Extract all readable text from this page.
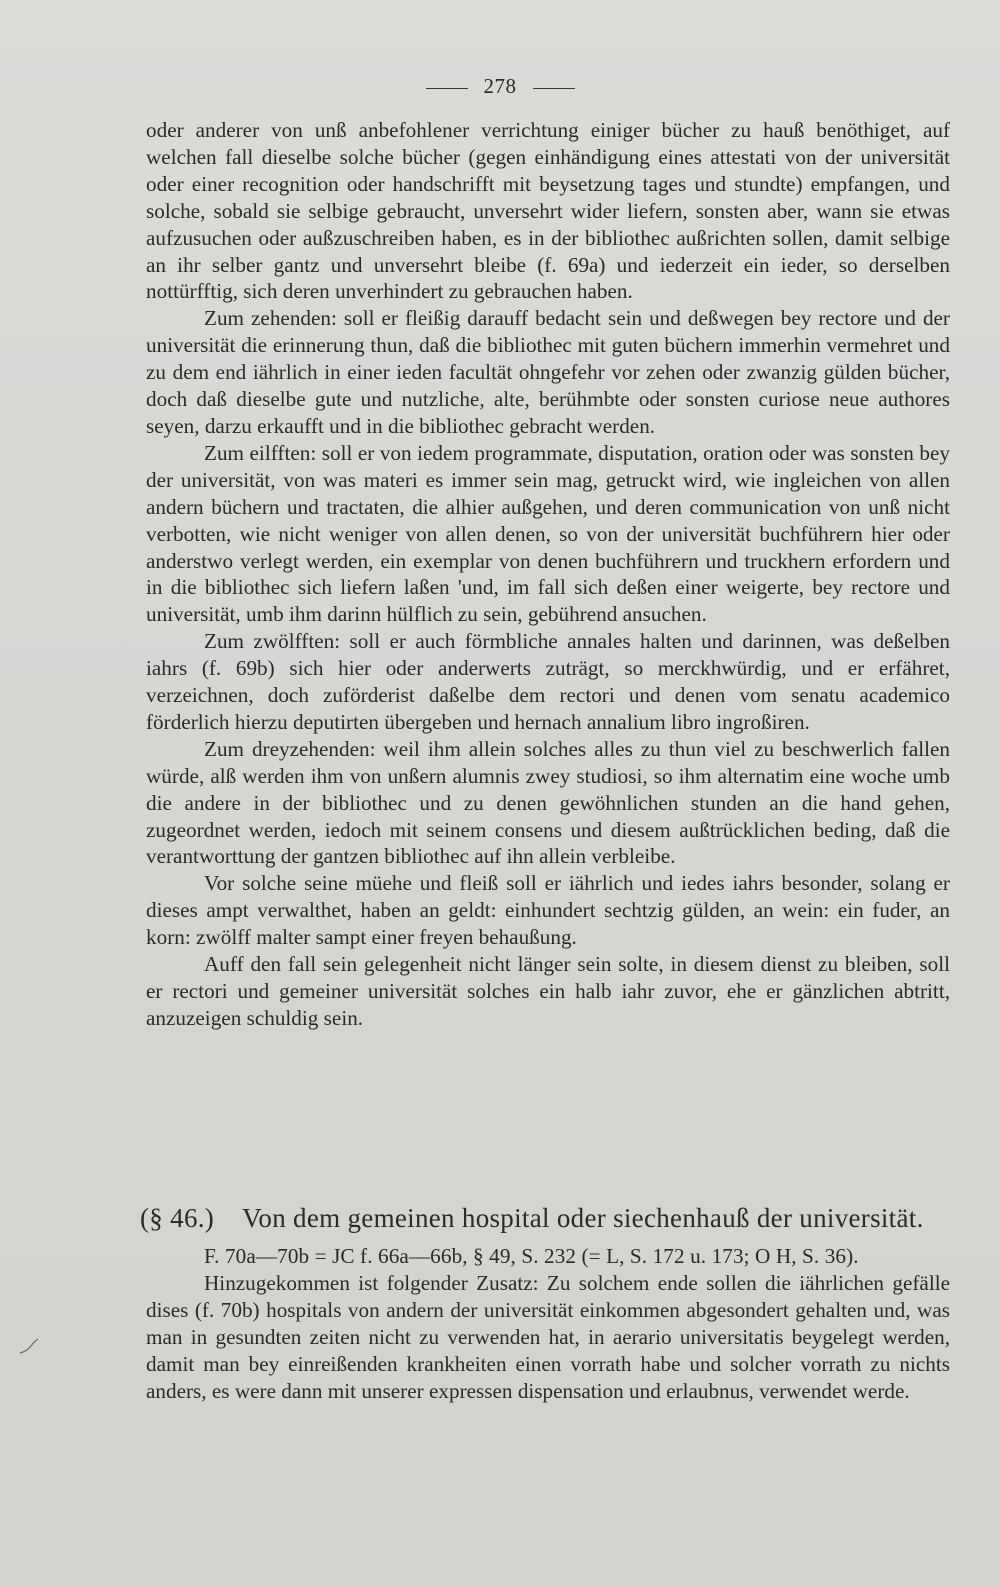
278

oder anderer von unß anbefohlener verrichtung einiger bücher zu hauß benöthiget, auf welchen fall dieselbe solche bücher (gegen einhändigung eines attestati von der universität oder einer recognition oder handschrifft mit beysetzung tages und stundte) empfangen, und solche, sobald sie selbige gebraucht, unversehrt wider liefern, sonsten aber, wann sie etwas aufzusuchen oder außzuschreiben haben, es in der bibliothec außrichten sollen, damit selbige an ihr selber gantz und unversehrt bleibe (f. 69a) und iederzeit ein ieder, so derselben nottürfftig, sich deren unverhindert zu gebrauchen haben.

Zum zehenden: soll er fleißig darauff bedacht sein und deßwegen bey rectore und der universität die erinnerung thun, daß die bibliothec mit guten büchern immerhin vermehret und zu dem end iährlich in einer ieden facultät ohngefehr vor zehen oder zwanzig gülden bücher, doch daß dieselbe gute und nutzliche, alte, berühmbte oder sonsten curiose neue authores seyen, darzu erkaufft und in die bibliothec gebracht werden.

Zum eilfften: soll er von iedem programmate, disputation, oration oder was sonsten bey der universität, von was materi es immer sein mag, getruckt wird, wie ingleichen von allen andern büchern und tractaten, die alhier außgehen, und deren communication von unß nicht verbotten, wie nicht weniger von allen denen, so von der universität buchführern hier oder anderstwo verlegt werden, ein exemplar von denen buchführern und truckhern erfordern und in die bibliothec sich liefern laßen 'und, im fall sich deßen einer weigerte, bey rectore und universität, umb ihm darinn hülflich zu sein, gebührend ansuchen.

Zum zwölfften: soll er auch förmbliche annales halten und darinnen, was deßelben iahrs (f. 69b) sich hier oder anderwerts zuträgt, so merckhwürdig, und er erfähret, verzeichnen, doch zuförderist daßelbe dem rectori und denen vom senatu academico förderlich hierzu deputirten übergeben und hernach annalium libro ingroßiren.

Zum dreyzehenden: weil ihm allein solches alles zu thun viel zu beschwerlich fallen würde, alß werden ihm von unßern alumnis zwey studiosi, so ihm alternatim eine woche umb die andere in der bibliothec und zu denen gewöhnlichen stunden an die hand gehen, zugeordnet werden, iedoch mit seinem consens und diesem außtrücklichen beding, daß die verantworttung der gantzen bibliothec auf ihn allein verbleibe.

Vor solche seine müehe und fleiß soll er iährlich und iedes iahrs besonder, solang er dieses ampt verwalthet, haben an geldt: einhundert sechtzig gülden, an wein: ein fuder, an korn: zwölff malter sampt einer freyen behaußung.

Auff den fall sein gelegenheit nicht länger sein solte, in diesem dienst zu bleiben, soll er rectori und gemeiner universität solches ein halb iahr zuvor, ehe er gänzlichen abtritt, anzuzeigen schuldig sein.

(§ 46.) Von dem gemeinen hospital oder siechenhauß der universität.

F. 70a—70b = JC f. 66a—66b, § 49, S. 232 (= L, S. 172 u. 173; O H, S. 36).

Hinzugekommen ist folgender Zusatz: Zu solchem ende sollen die iährlichen gefälle dises (f. 70b) hospitals von andern der universität einkommen abgesondert gehalten und, was man in gesundten zeiten nicht zu verwenden hat, in aerario universitatis beygelegt werden, damit man bey einreißenden krankheiten einen vorrath habe und solcher vorrath zu nichts anders, es were dann mit unserer expressen dispensation und erlaubnus, verwendet werde.
